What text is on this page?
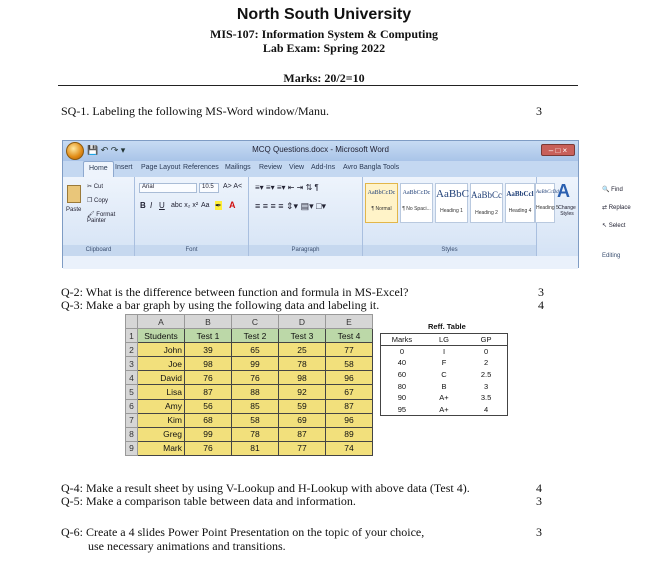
North South University
MIS-107: Information System & Computing
Lab Exam: Spring 2022
Marks: 20/2=10
SQ-1. Labeling the following MS-Word window/Manu.	3
💾 ↶ ↷ ▾	MCQ Questions.docx - Microsoft Word	– □ ×
Home	Insert Page Layout References Mailings Review View Add-Ins Avro Bangla Tools
Paste
✂ Cut
❐ Copy
🖌 Format Painter
Clipboard
Arial	10.5	A˃ A˂
B I U abc x₂ x² Aa ✒ A
Font
≡▾ ≡▾ ≡▾ ⇤ ⇥ ⇅ ¶
≡ ≡ ≡ ≡ ⇕▾ ▤▾ □▾
Paragraph
AaBbCcDc
¶ Normal
AaBbCcDc
¶ No Spaci...
AaBbC
Heading 1
AaBbCc
Heading 2
AaBbCcl
Heading 4
Styles
AaBbCcDd
Heading 5
A
Change Styles
🔍 Find
⇄ Replace
↖ Select
Editing
Q-2: What is the difference between function and formula in MS-Excel?	3
Q-3: Make a bar graph by using the following data and labeling it.	4
	A	B	C	D	E
1	Students	Test 1	Test 2	Test 3	Test 4
2	John	39	65	25	77
3	Joe	98	99	78	58
4	David	76	76	98	96
5	Lisa	87	88	92	67
6	Amy	56	85	59	87
7	Kim	68	58	69	96
8	Greg	99	78	87	89
9	Mark	76	81	77	74
Reff. Table
Marks	LG	GP
0	I	0
40	F	2
60	C	2.5
80	B	3
90	A+	3.5
95	A+	4
Q-4: Make a result sheet by using V-Lookup and H-Lookup with above data (Test 4).	4
Q-5: Make a comparison table between data and information.	3
Q-6: Create a 4 slides Power Point Presentation on the topic of your choice,
use necessary animations and transitions.
3
